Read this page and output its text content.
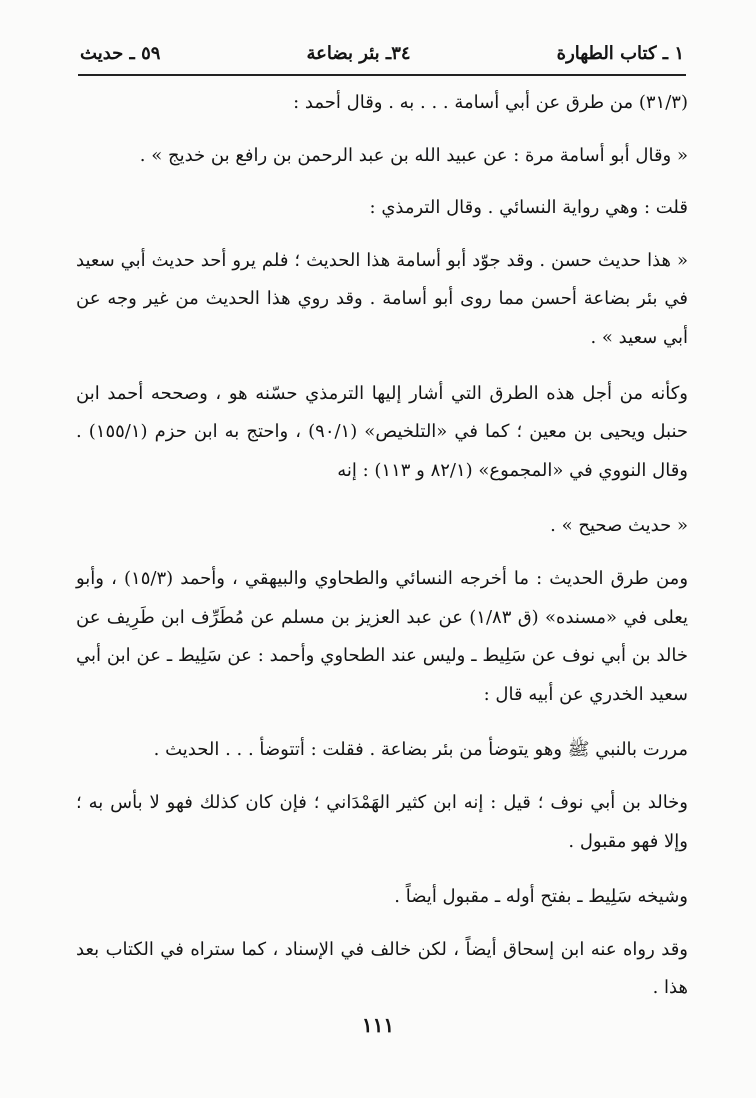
١ ـ كتاب الطهارة
٣٤ـ بئر بضاعة
٥٩ ـ حديث

(٣١/٣) من طرق عن أبي أسامة . . . به . وقال أحمد :

« وقال أبو أسامة مرة : عن عبيد الله بن عبد الرحمن بن رافع بن خديج » .

قلت : وهي رواية النسائي . وقال الترمذي :

« هذا حديث حسن . وقد جوّد أبو أسامة هذا الحديث ؛ فلم يرو أحد حديث أبي سعيد في بئر بضاعة أحسن مما روى أبو أسامة . وقد روي هذا الحديث من غير وجه عن أبي سعيد » .

وكأنه من أجل هذه الطرق التي أشار إليها الترمذي حسّنه هو ، وصححه أحمد ابن حنبل ويحيى بن معين ؛ كما في «التلخيص» (٩٠/١) ، واحتج به ابن حزم (١٥٥/١) . وقال النووي في «المجموع» (٨٢/١ و ١١٣) : إنه

« حديث صحيح » .

ومن طرق الحديث : ما أخرجه النسائي والطحاوي والبيهقي ، وأحمد (١٥/٣) ، وأبو يعلى في «مسنده» (ق ١/٨٣) عن عبد العزيز بن مسلم عن مُطَرِّف ابن طَرِيف عن خالد بن أبي نوف عن سَلِيط ـ وليس عند الطحاوي وأحمد : عن سَلِيط ـ عن ابن أبي سعيد الخدري عن أبيه قال :

مررت بالنبي ﷺ وهو يتوضأ من بئر بضاعة . فقلت : أتتوضأ . . . الحديث .

وخالد بن أبي نوف ؛ قيل : إنه ابن كثير الهَمْدَاني ؛ فإن كان كذلك فهو لا بأس به ؛ وإلا فهو مقبول .

وشيخه سَلِيط ـ بفتح أوله ـ مقبول أيضاً .

وقد رواه عنه ابن إسحاق أيضاً ، لكن خالف في الإسناد ، كما ستراه في الكتاب بعد هذا .

١١١
